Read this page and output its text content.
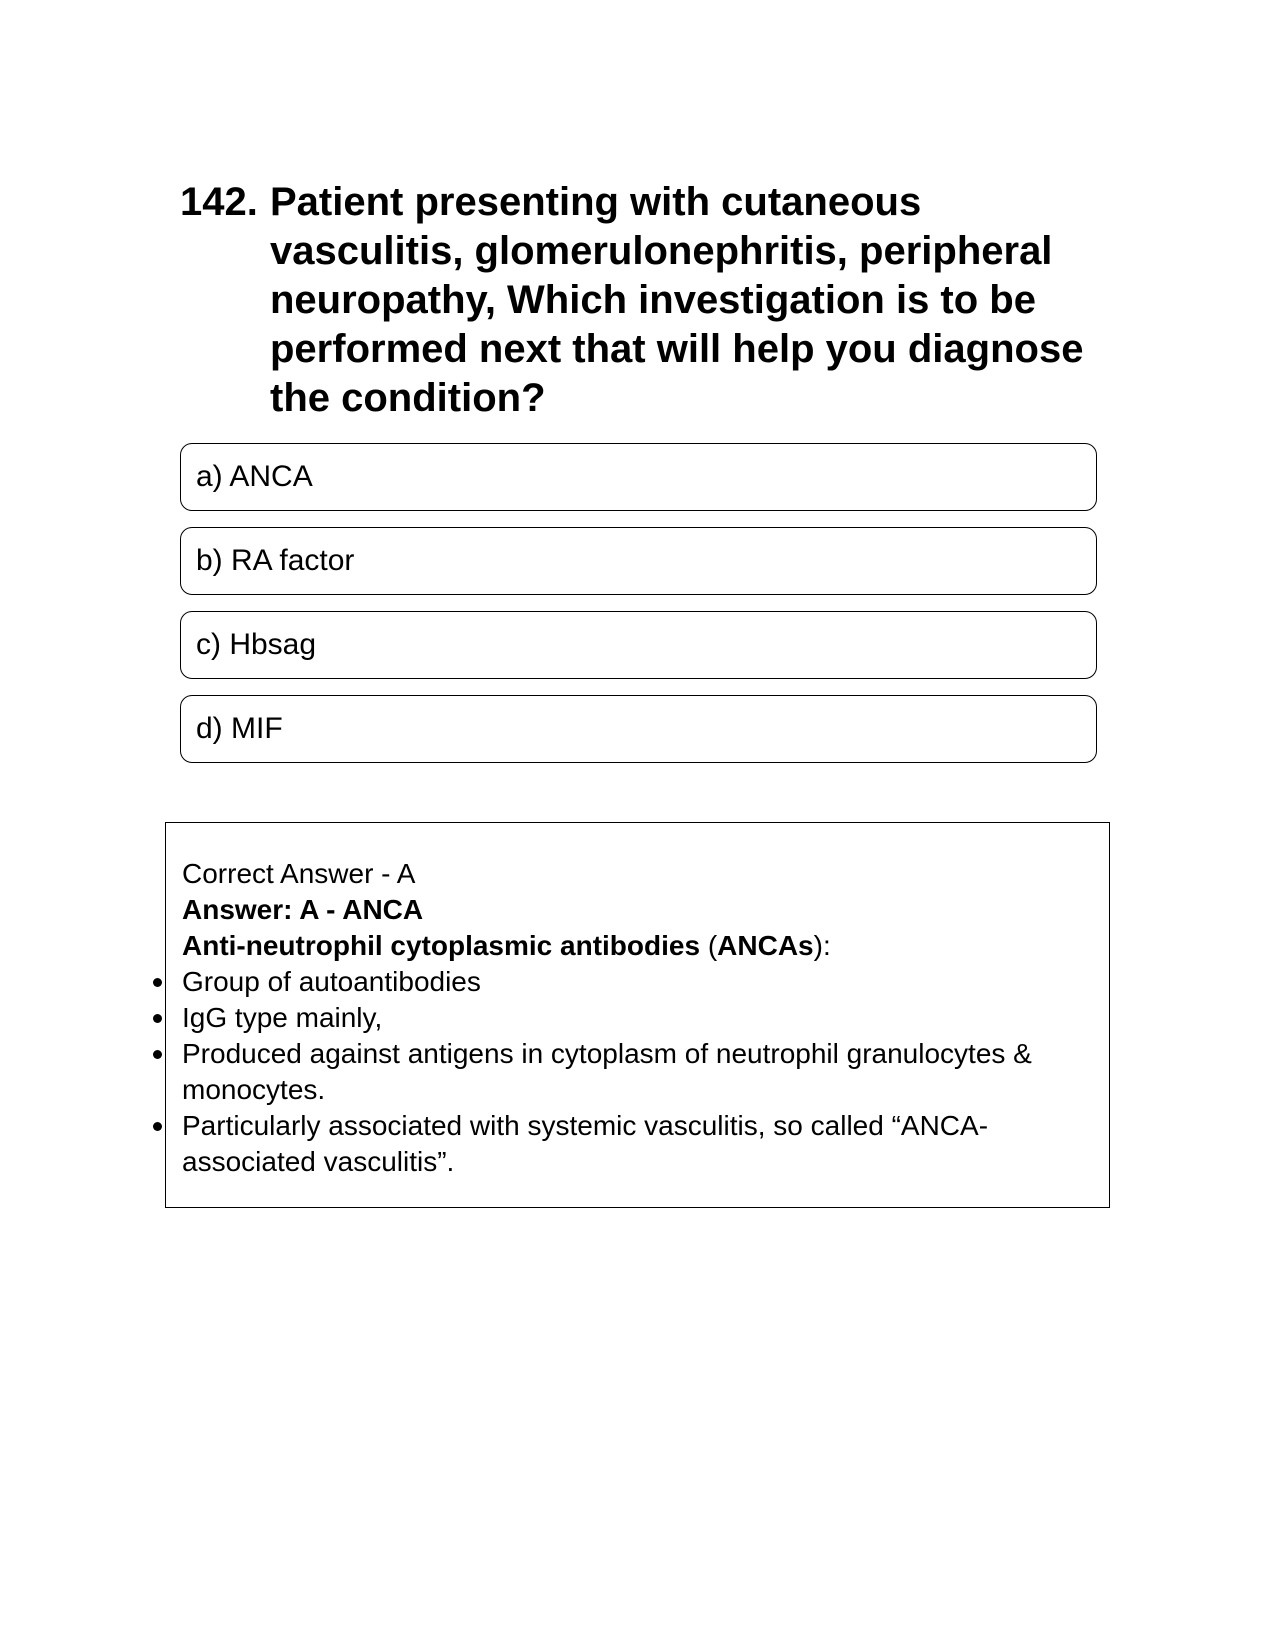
142. Patient presenting with cutaneous vasculitis, glomerulonephritis, peripheral neuropathy, Which investigation is to be performed next that will help you diagnose the condition?
a) ANCA
b) RA factor
c) Hbsag
d) MIF
Correct Answer - A
Answer: A - ANCA
Anti-neutrophil cytoplasmic antibodies (ANCAs):
Group of autoantibodies
IgG type mainly,
Produced against antigens in cytoplasm of neutrophil granulocytes & monocytes.
Particularly associated with systemic vasculitis, so called “ANCA-associated vasculitis”.
